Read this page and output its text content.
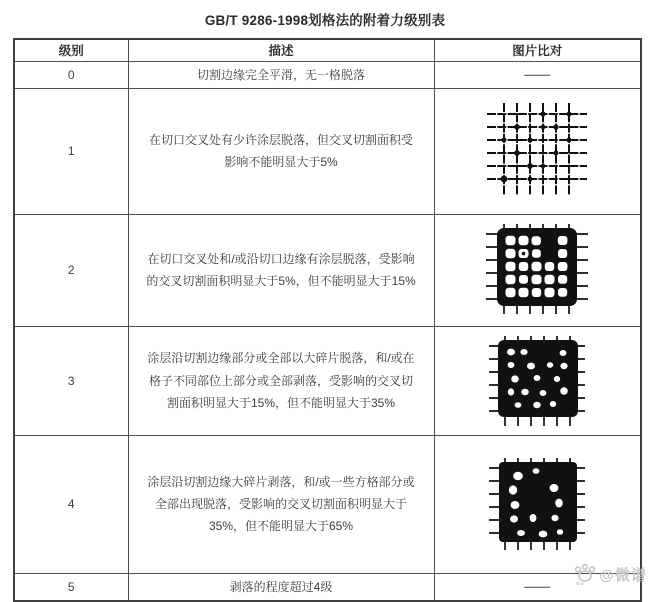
GB/T 9286-1998划格法的附着力级别表
级别	描述	图片比对
0	切割边缘完全平滑，无一格脱落	——
1	在切口交叉处有少许涂层脱落，但交叉切割面积受影响不能明显大于5%	

2	在切口交叉处和/或沿切口边缘有涂层脱落，受影响的交叉切割面积明显大于5%，但不能明显大于15%	

3	涂层沿切割边缘部分或全部以大碎片脱落，和/或在格子不同部位上部分或全部剥落，受影响的交叉切割面积明显大于15%，但不能明显大于35%	

4	涂层沿切割边缘大碎片剥落，和/或一些方格部分或全部出现脱落，受影响的交叉切割面积明显大于35%，但不能明显大于65%	

5	剥落的程度超过4级	——	du
@微谱
